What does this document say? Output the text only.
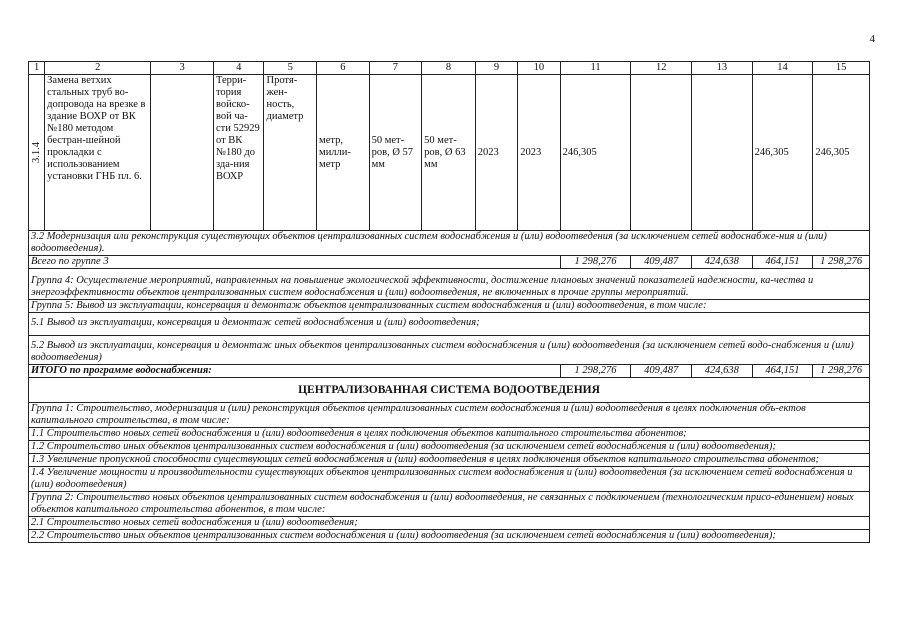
4
1	2	3	4	5	6	7	8	9	10	11	12	13	14	15

3.1.4	Замена ветхих стальных труб во-допровода на врезке в здание ВОХР от ВК №180 методом бестран-шейной прокладки с использованием установки ГНБ пл. 6.		Терри-тория войско-вой ча-сти 52929 от ВК №180 до зда-ния ВОХР	Протя-жен-ность, диаметр	метр, милли-метр	50 мет-ров, Ø 57 мм	50 мет-ров, Ø 63 мм	2023	2023	246,305			246,305	246,305
3.2 Модернизация или реконструкция существующих объектов централизованных систем водоснабжения и (или) водоотведения (за исключением сетей водоснабже-ния и (или) водоотведения).														
Всего по группе 3										1 298,276	409,487	424,638	464,151	1 298,276
Группа 4: Осуществление мероприятий, направленных на повышение экологической эффективности, достижение плановых значений показателей надежности, ка-чества и энергоэффективности объектов централизованных систем водоснабжения и (или) водоотведения, не включенных в прочие группы мероприятий.														
Группа 5: Вывод из эксплуатации, консервация и демонтаж объектов централизованных систем водоснабжения и (или) водоотведения, в том числе:														
5.1 Вывод из эксплуатации, консервация и демонтаж сетей водоснабжения и (или) водоотведения;														
5.2 Вывод из эксплуатации, консервация и демонтаж иных объектов централизованных систем водоснабжения и (или) водоотведения (за исключением сетей водо-снабжения и (или) водоотведения)														
ИТОГО по программе водоснабжения:										1 298,276	409,487	424,638	464,151	1 298,276
ЦЕНТРАЛИЗОВАННАЯ СИСТЕМА ВОДООТВЕДЕНИЯ														
Группа 1: Строительство, модернизация и (или) реконструкция объектов централизованных систем водоснабжения и (или) водоотведения в целях подключения объ-ектов капитального строительства, в том числе:														
1.1 Строительство новых сетей водоснабжения и (или) водоотведения в целях подключения объектов капитального строительства абонентов;														
1.2 Строительство иных объектов централизованных систем водоснабжения и (или) водоотведения (за исключением сетей водоснабжения и (или) водоотведения);														
1.3 Увеличение пропускной способности существующих сетей водоснабжения и (или) водоотведения в целях подключения объектов капитального строительства абонентов;														
1.4 Увеличение мощности и производительности существующих объектов централизованных систем водоснабжения и (или) водоотведения (за исключением сетей водоснабжения и (или) водоотведения)														
Группа 2: Строительство новых объектов централизованных систем водоснабжения и (или) водоотведения, не связанных с подключением (технологическим присо-единением) новых объектов капитального строительства абонентов, в том числе:														
2.1 Строительство новых сетей водоснабжения и (или) водоотведения;														
2.2 Строительство иных объектов централизованных систем водоснабжения и (или) водоотведения (за исключением сетей водоснабжения и (или) водоотведения);														
